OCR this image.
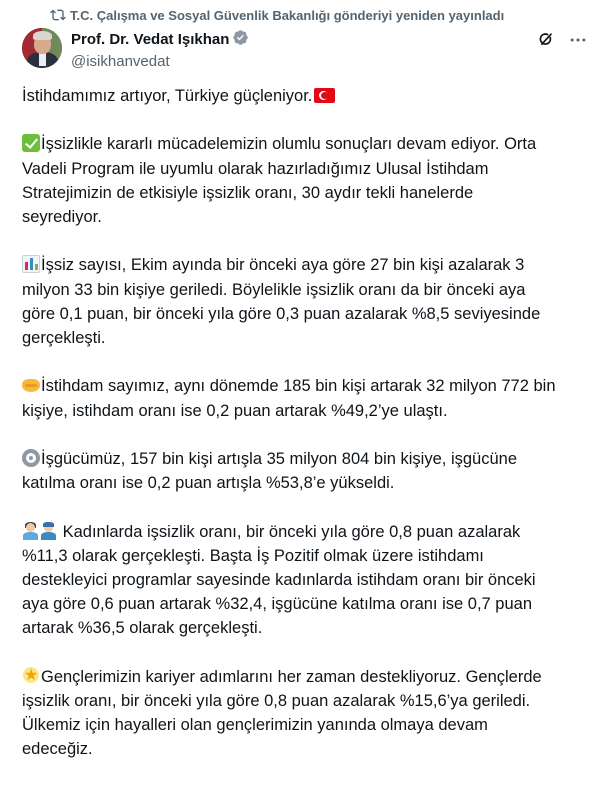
T.C. Çalışma ve Sosyal Güvenlik Bakanlığı gönderiyi yeniden yayınladı
Prof. Dr. Vedat Işıkhan
@isikhanvedat
İstihdamımız artıyor, Türkiye güçleniyor.
İşsizlikle kararlı mücadelemizin olumlu sonuçları devam ediyor. Orta
Vadeli Program ile uyumlu olarak hazırladığımız Ulusal İstihdam
Stratejimizin de etkisiyle işsizlik oranı, 30 aydır tekli hanelerde
seyrediyor.
İşsiz sayısı, Ekim ayında bir önceki aya göre 27 bin kişi azalarak 3
milyon 33 bin kişiye geriledi. Böylelikle işsizlik oranı da bir önceki aya
göre 0,1 puan, bir önceki yıla göre 0,3 puan azalarak %8,5 seviyesinde
gerçekleşti.
İstihdam sayımız, aynı dönemde 185 bin kişi artarak 32 milyon 772 bin
kişiye, istihdam oranı ise 0,2 puan artarak %49,2’ye ulaştı.
İşgücümüz, 157 bin kişi artışla 35 milyon 804 bin kişiye, işgücüne
katılma oranı ise 0,2 puan artışla %53,8’e yükseldi.
Kadınlarda işsizlik oranı, bir önceki yıla göre 0,8 puan azalarak
%11,3 olarak gerçekleşti. Başta İş Pozitif olmak üzere istihdamı
destekleyici programlar sayesinde kadınlarda istihdam oranı bir önceki
aya göre 0,6 puan artarak %32,4, işgücüne katılma oranı ise 0,7 puan
artarak %36,5 olarak gerçekleşti.
★Gençlerimizin kariyer adımlarını her zaman destekliyoruz. Gençlerde
işsizlik oranı, bir önceki yıla göre 0,8 puan azalarak %15,6’ya geriledi.
Ülkemiz için hayalleri olan gençlerimizin yanında olmaya devam
edeceğiz.
